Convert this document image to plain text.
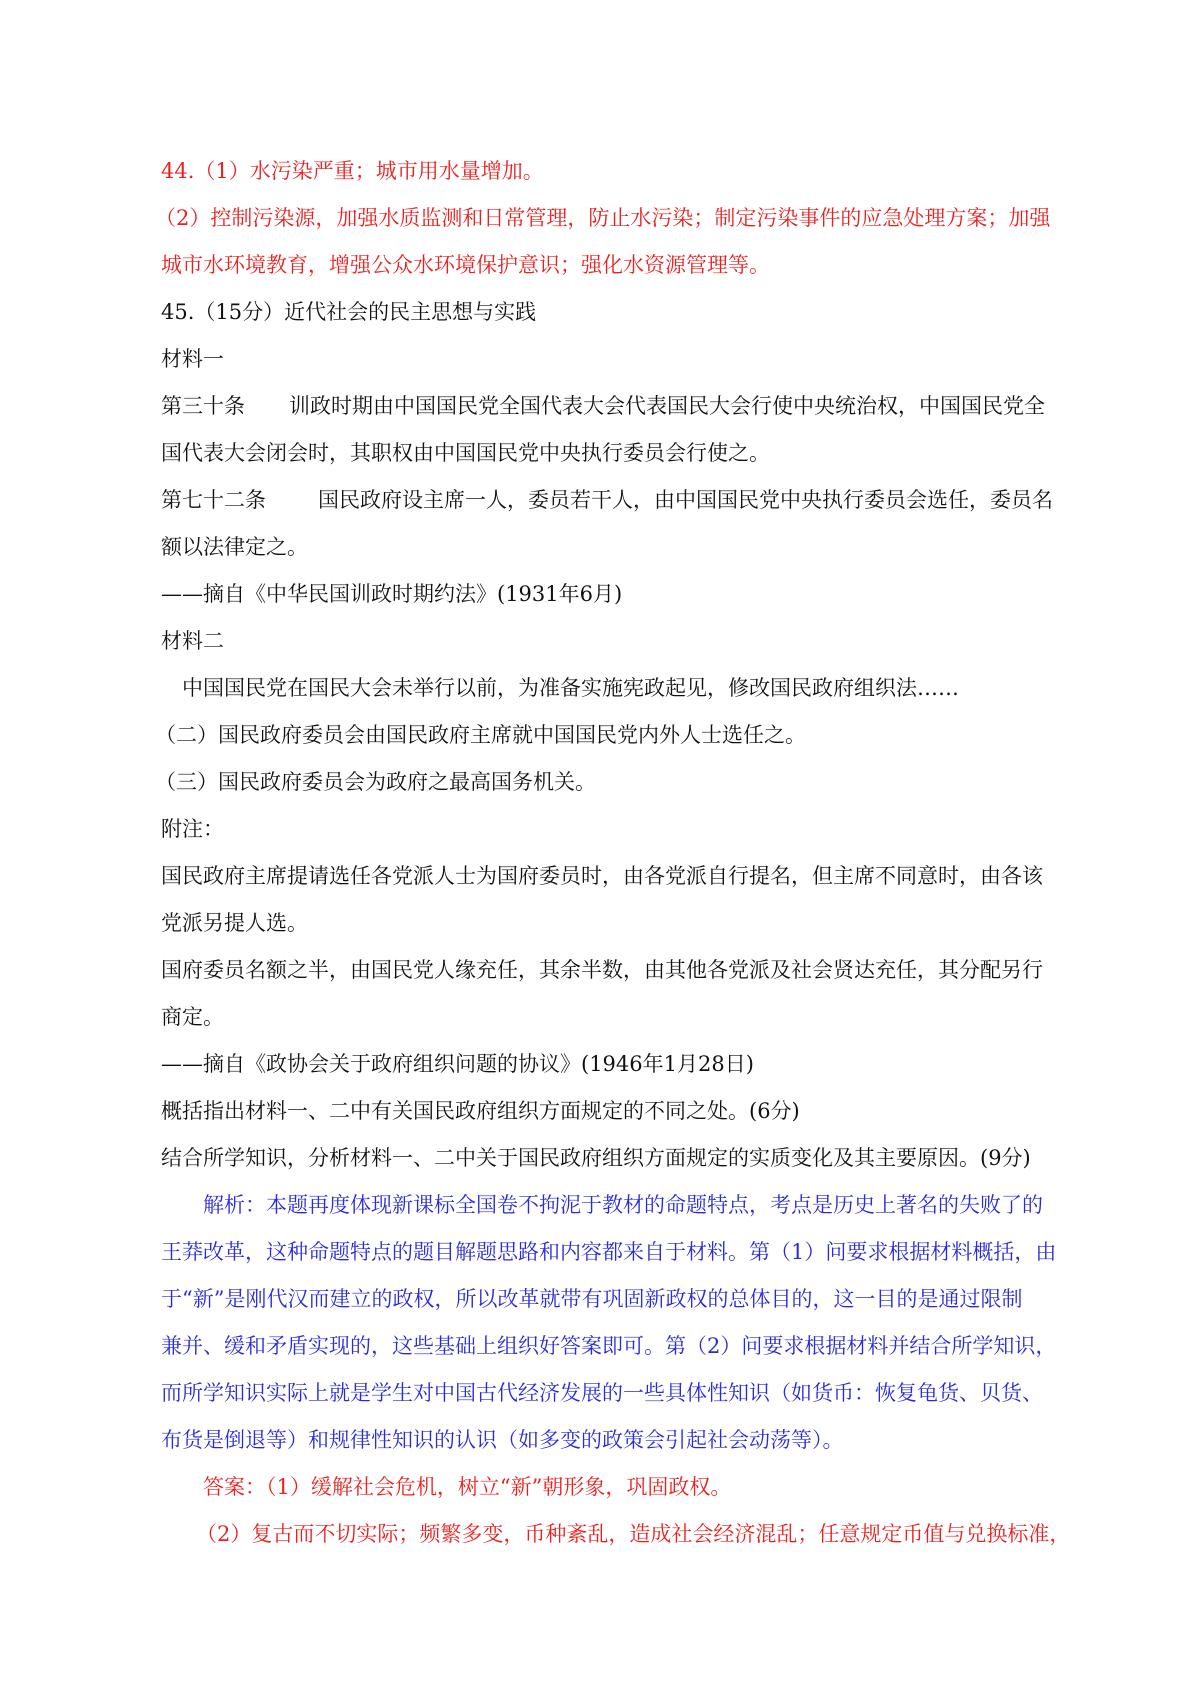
44.（1）水污染严重；城市用水量增加。
（2）控制污染源，加强水质监测和日常管理，防止水污染；制定污染事件的应急处理方案；加强
城市水环境教育，增强公众水环境保护意识；强化水资源管理等。
45.（15分）近代社会的民主思想与实践
材料一
第三十条 训政时期由中国国民党全国代表大会代表国民大会行使中央统治权，中国国民党全
国代表大会闭会时，其职权由中国国民党中央执行委员会行使之。
第七十二条 国民政府设主席一人，委员若干人，由中国国民党中央执行委员会选任，委员名
额以法律定之。
——摘自《中华民国训政时期约法》(1931年6月)
材料二
中国国民党在国民大会未举行以前，为准备实施宪政起见，修改国民政府组织法……
（二）国民政府委员会由国民政府主席就中国国民党内外人士选任之。
（三）国民政府委员会为政府之最高国务机关。
附注：
国民政府主席提请选任各党派人士为国府委员时，由各党派自行提名，但主席不同意时，由各该
党派另提人选。
国府委员名额之半，由国民党人缘充任，其余半数，由其他各党派及社会贤达充任，其分配另行
商定。
——摘自《政协会关于政府组织问题的协议》(1946年1月28日)
概括指出材料一、二中有关国民政府组织方面规定的不同之处。(6分)
结合所学知识，分析材料一、二中关于国民政府组织方面规定的实质变化及其主要原因。(9分)
解析：本题再度体现新课标全国卷不拘泥于教材的命题特点，考点是历史上著名的失败了的
王莽改革，这种命题特点的题目解题思路和内容都来自于材料。第（1）问要求根据材料概括，由
于“新”是刚代汉而建立的政权，所以改革就带有巩固新政权的总体目的，这一目的是通过限制
兼并、缓和矛盾实现的，这些基础上组织好答案即可。第（2）问要求根据材料并结合所学知识，
而所学知识实际上就是学生对中国古代经济发展的一些具体性知识（如货币：恢复龟货、贝货、
布货是倒退等）和规律性知识的认识（如多变的政策会引起社会动荡等）。
答案：（1）缓解社会危机，树立“新”朝形象，巩固政权。
（2）复古而不切实际；频繁多变，币种紊乱，造成社会经济混乱；任意规定币值与兑换标准，
